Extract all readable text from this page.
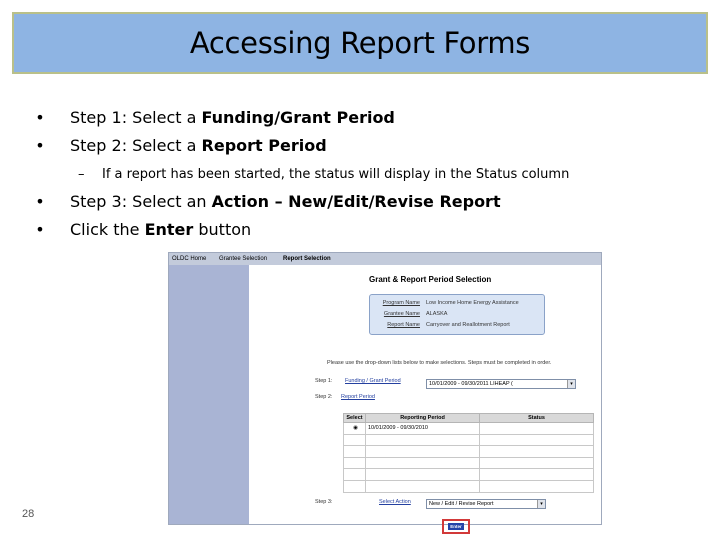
Accessing Report Forms
•	Step 1: Select a Funding/Grant Period
•	Step 2: Select a Report Period
– If a report has been started, the status will display in the Status column
•	Step 3: Select an Action – New/Edit/Revise Report
•	Click the Enter button
28
OLDC Home Grantee Selection	Report Selection
Grant & Report Period Selection
Program Name Low Income Home Energy Assistance
Grantee Name ALASKA
Report Name Carryover and Reallotment Report
Please use the drop-down lists below to make selections. Steps must be completed in order.
Step 1: Funding / Grant Period	10/01/2009 - 09/30/2011 LIHEAP (	▾
Step 2: Report Period
Select	Reporting Period	Status
◉	10/01/2009 - 09/30/2010	

Step 3:	Select Action	New / Edit / Revise Report	▾
Enter
